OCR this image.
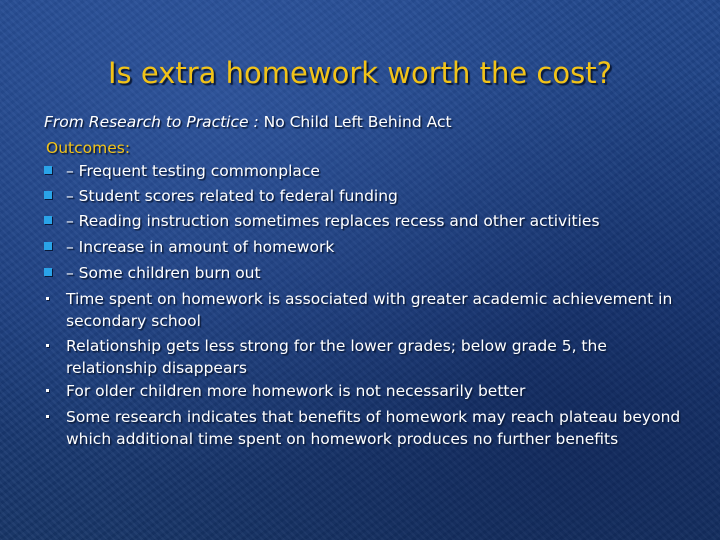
Is extra homework worth the cost?
From Research to Practice : No Child Left Behind Act
Outcomes:
– Frequent testing commonplace
– Student scores related to federal funding
– Reading instruction sometimes replaces recess and other activities
– Increase in amount of homework
– Some children burn out
Time spent on homework is associated with greater academic achievement in secondary school
Relationship gets less strong for the lower grades; below grade 5, the relationship disappears
For older children more homework is not necessarily better
Some research indicates that benefits of homework may reach plateau beyond which additional time spent on homework produces no further benefits
